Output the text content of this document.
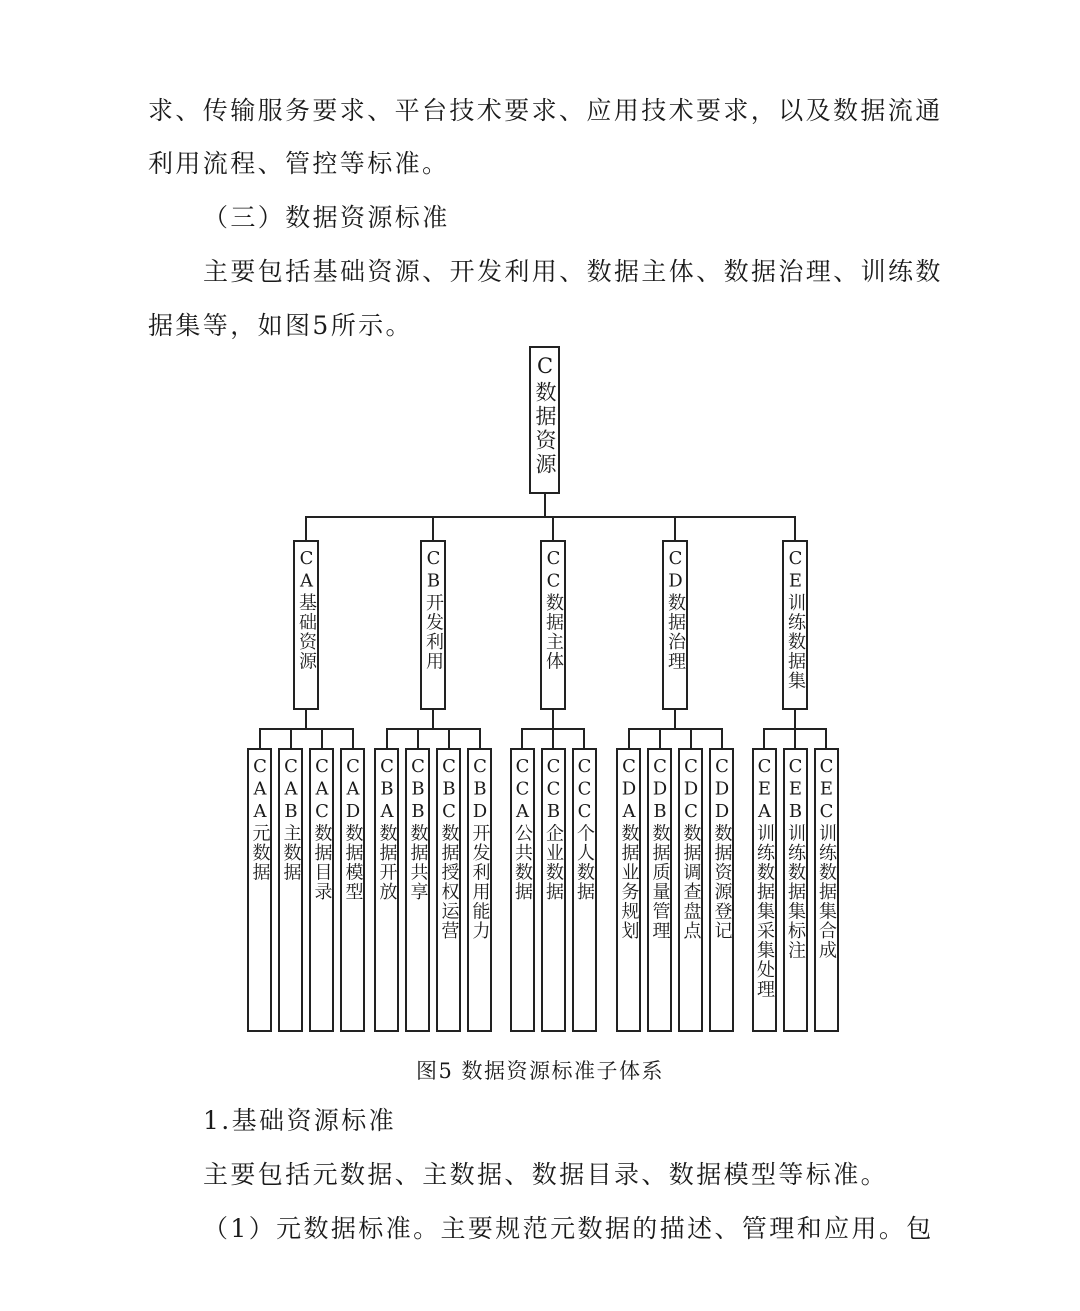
求、传输服务要求、平台技术要求、应用技术要求，以及数据流通
利用流程、管控等标准。
（三）数据资源标准
主要包括基础资源、开发利用、数据主体、数据治理、训练数
据集等，如图5所示。
C数据资源
CA基础资源
CAA元数据 CAB主数据 CAC数据目录 CAD数据模型
CB开发利用
CBA数据开放 CBB数据共享 CBC数据授权运营 CBD开发利用能力
CC数据主体
CCA公共数据 CCB企业数据 CCC个人数据
CD数据治理
CDA数据业务规划 CDB数据质量管理 CDC数据调查盘点 CDD数据资源登记
CE训练数据集
CEA训练数据集采集处理 CEB训练数据集标注 CEC训练数据集合成
图5 数据资源标准子体系
1.基础资源标准
主要包括元数据、主数据、数据目录、数据模型等标准。
（1）元数据标准。主要规范元数据的描述、管理和应用。包
